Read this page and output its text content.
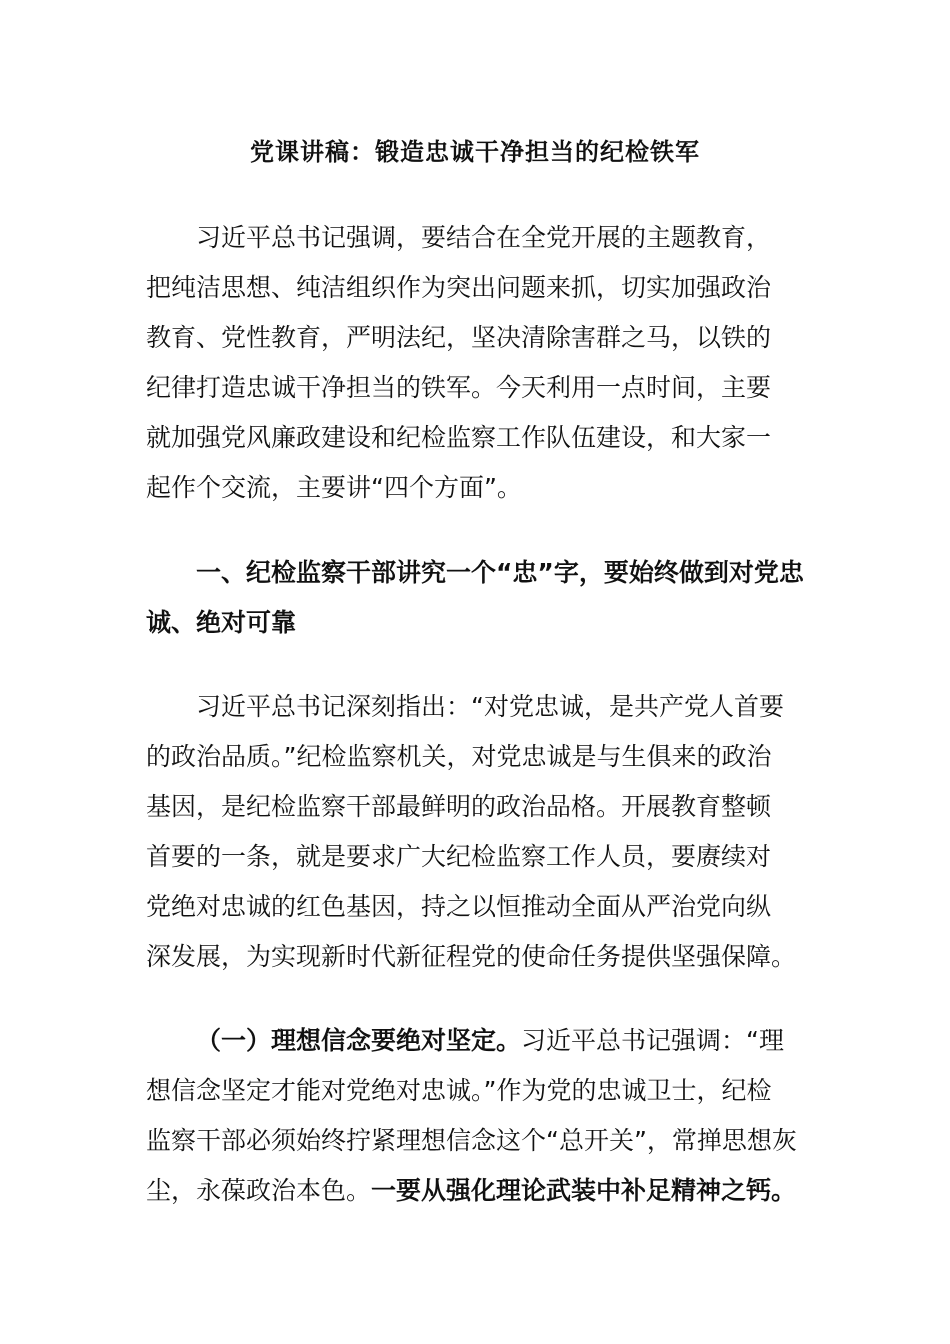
党课讲稿：锻造忠诚干净担当的纪检铁军
习近平总书记强调，要结合在全党开展的主题教育，
把纯洁思想、纯洁组织作为突出问题来抓，切实加强政治
教育、党性教育，严明法纪，坚决清除害群之马，以铁的
纪律打造忠诚干净担当的铁军。今天利用一点时间，主要
就加强党风廉政建设和纪检监察工作队伍建设，和大家一
起作个交流，主要讲“四个方面”。
一、纪检监察干部讲究一个“忠”字，要始终做到对党忠
诚、绝对可靠
习近平总书记深刻指出：“对党忠诚，是共产党人首要
的政治品质。”纪检监察机关，对党忠诚是与生俱来的政治
基因，是纪检监察干部最鲜明的政治品格。开展教育整顿
首要的一条，就是要求广大纪检监察工作人员，要赓续对
党绝对忠诚的红色基因，持之以恒推动全面从严治党向纵
深发展，为实现新时代新征程党的使命任务提供坚强保障。
（一）理想信念要绝对坚定。习近平总书记强调：“理
想信念坚定才能对党绝对忠诚。”作为党的忠诚卫士，纪检
监察干部必须始终拧紧理想信念这个“总开关”，常掸思想灰
尘，永葆政治本色。一要从强化理论武装中补足精神之钙。
